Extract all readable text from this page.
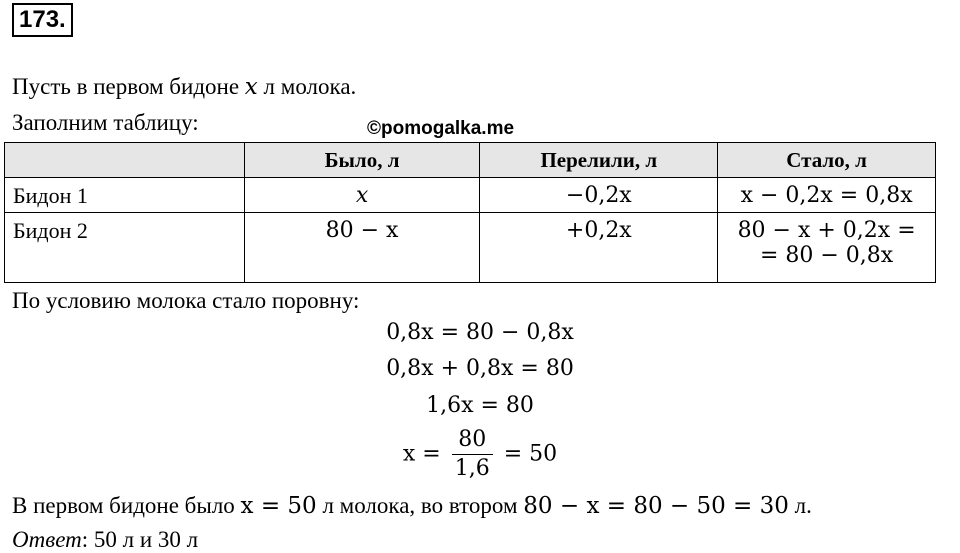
173.
Пусть в первом бидоне x л молока.
Заполним таблицу:	©pomogalka.me
	Было, л	Перелили, л	Стало, л
Бидон 1	x	−0,2x	x − 0,2x = 0,8x
Бидон 2	80 − x	+0,2x	80 − x + 0,2x =
= 80 − 0,8x
По условию молока стало поровну:
0,8x = 80 − 0,8x
0,8x + 0,8x = 80
1,6x = 80
$x = \frac{80}{1,6} = 50$
В первом бидоне было x = 50 л молока, во втором 80 − x = 80 − 50 = 30 л.
Ответ: 50 л и 30 л
